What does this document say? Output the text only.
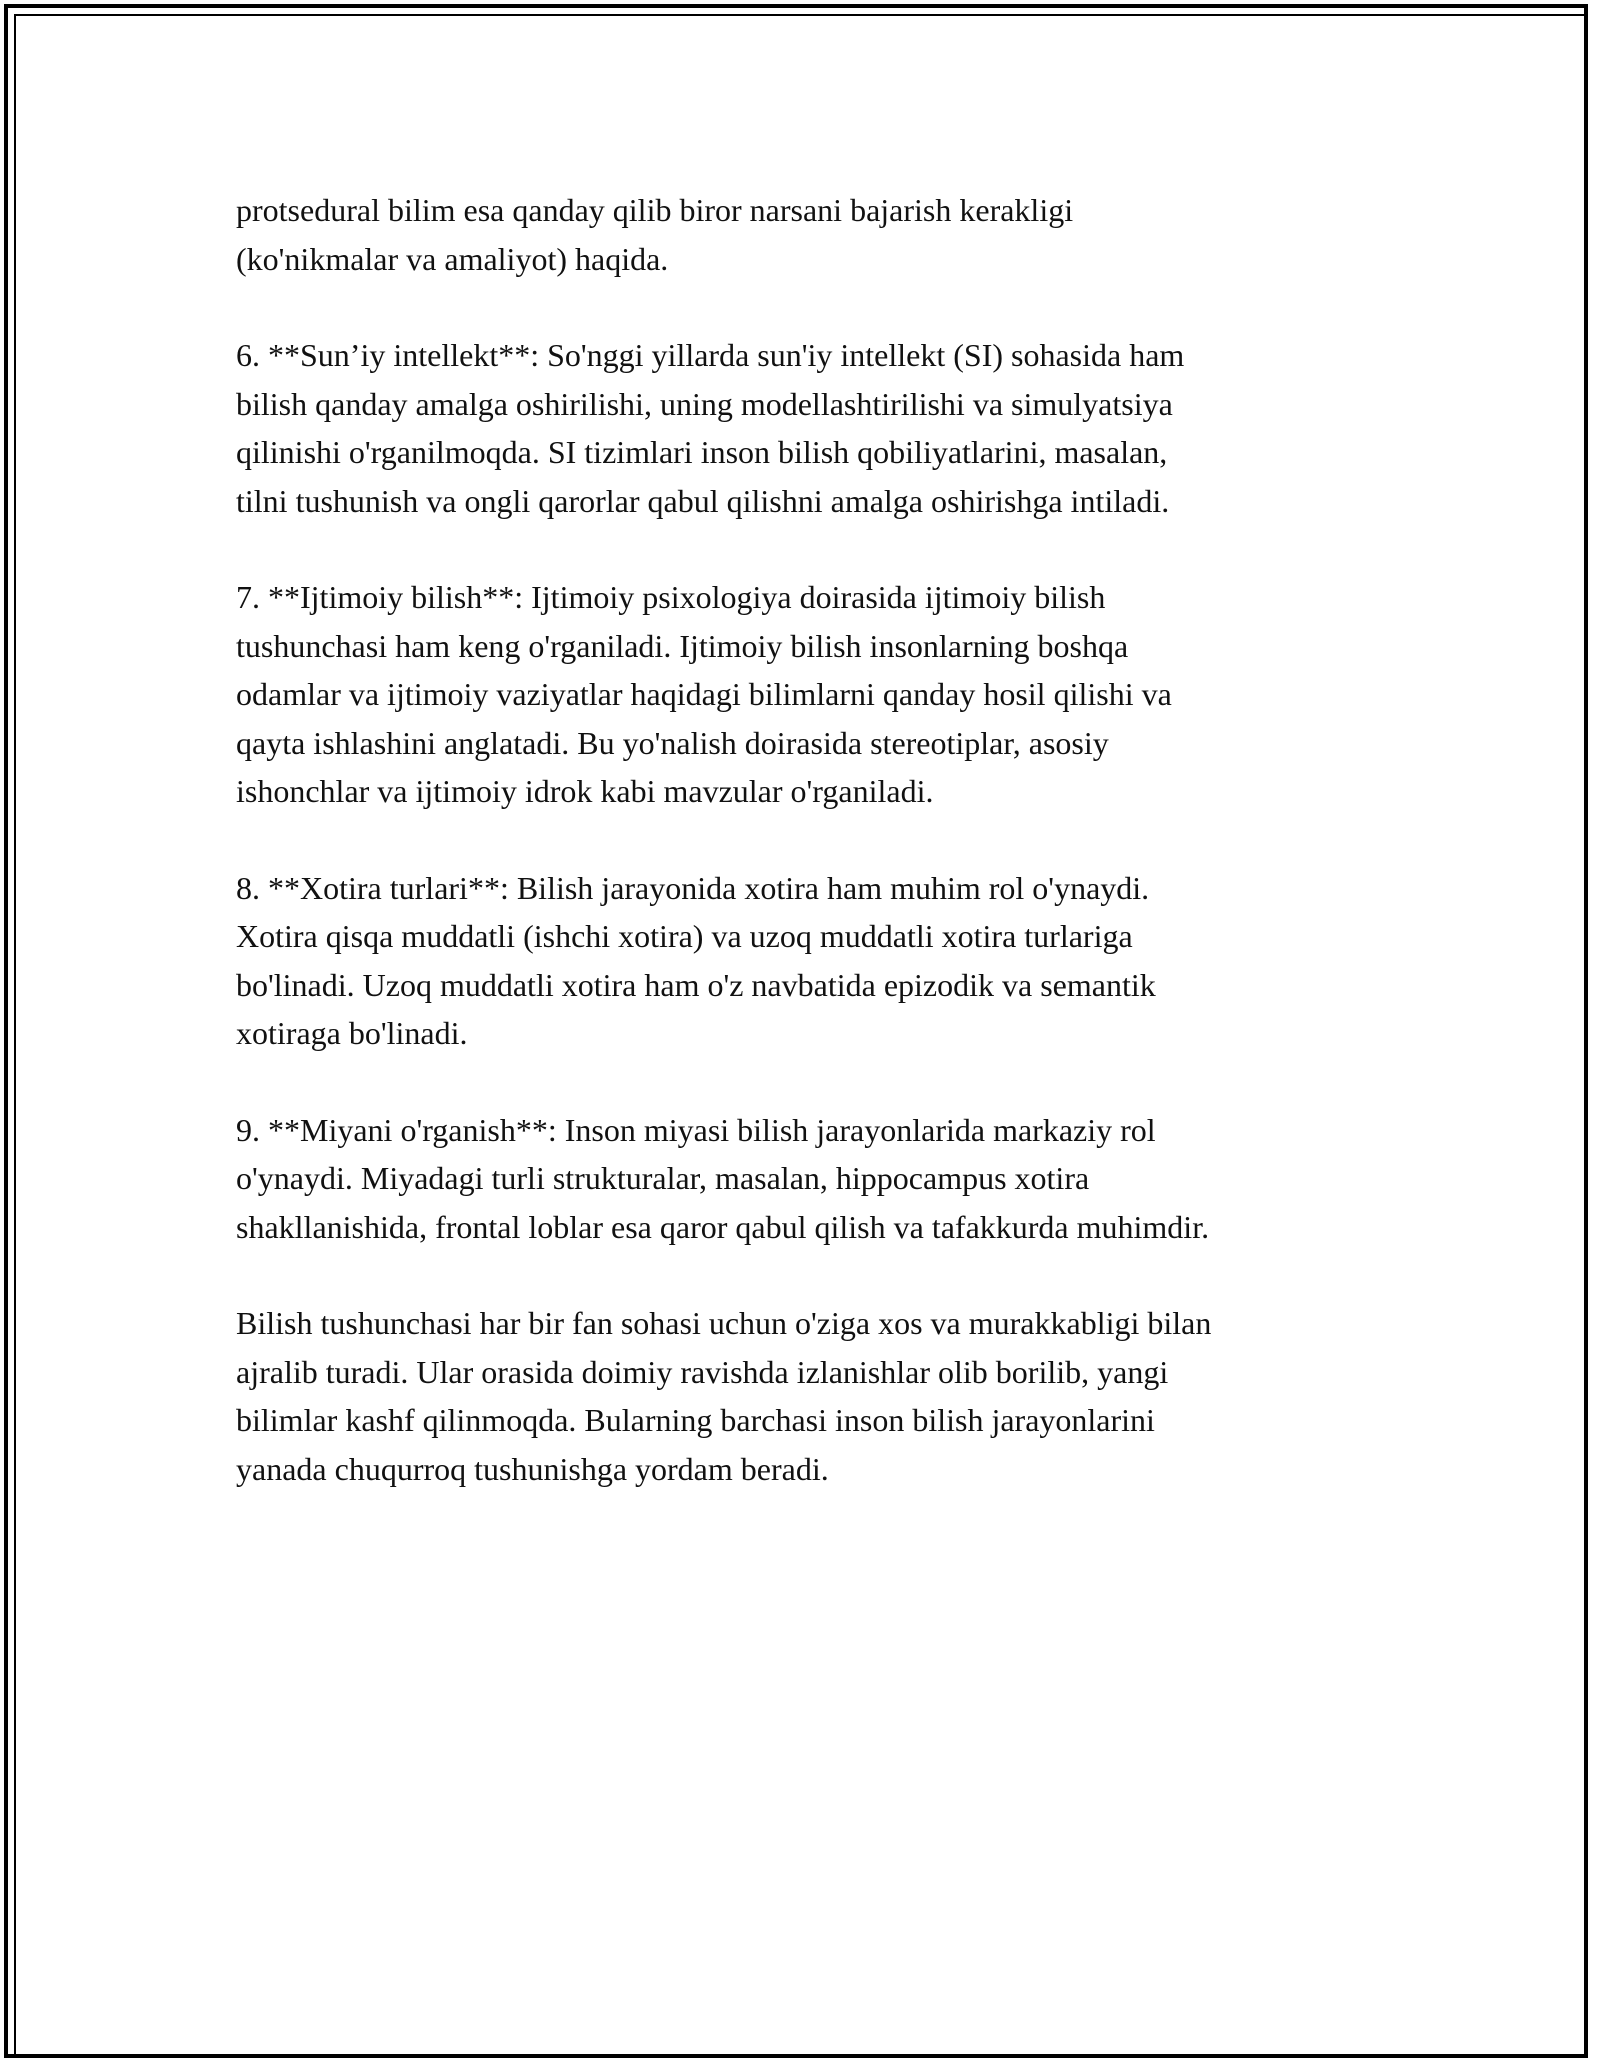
protsedural bilim esa qanday qilib biror narsani bajarish kerakligi
(ko'nikmalar va amaliyot) haqida.

6. **Sun’iy intellekt**: So'nggi yillarda sun'iy intellekt (SI) sohasida ham
bilish qanday amalga oshirilishi, uning modellashtirilishi va simulyatsiya
qilinishi o'rganilmoqda. SI tizimlari inson bilish qobiliyatlarini, masalan,
tilni tushunish va ongli qarorlar qabul qilishni amalga oshirishga intiladi.

7. **Ijtimoiy bilish**: Ijtimoiy psixologiya doirasida ijtimoiy bilish
tushunchasi ham keng o'rganiladi. Ijtimoiy bilish insonlarning boshqa
odamlar va ijtimoiy vaziyatlar haqidagi bilimlarni qanday hosil qilishi va
qayta ishlashini anglatadi. Bu yo'nalish doirasida stereotiplar, asosiy
ishonchlar va ijtimoiy idrok kabi mavzular o'rganiladi.

8. **Xotira turlari**: Bilish jarayonida xotira ham muhim rol o'ynaydi.
Xotira qisqa muddatli (ishchi xotira) va uzoq muddatli xotira turlariga
bo'linadi. Uzoq muddatli xotira ham o'z navbatida epizodik va semantik
xotiraga bo'linadi.

9. **Miyani o'rganish**: Inson miyasi bilish jarayonlarida markaziy rol
o'ynaydi. Miyadagi turli strukturalar, masalan, hippocampus xotira
shakllanishida, frontal loblar esa qaror qabul qilish va tafakkurda muhimdir.

Bilish tushunchasi har bir fan sohasi uchun o'ziga xos va murakkabligi bilan
ajralib turadi. Ular orasida doimiy ravishda izlanishlar olib borilib, yangi
bilimlar kashf qilinmoqda. Bularning barchasi inson bilish jarayonlarini
yanada chuqurroq tushunishga yordam beradi.
